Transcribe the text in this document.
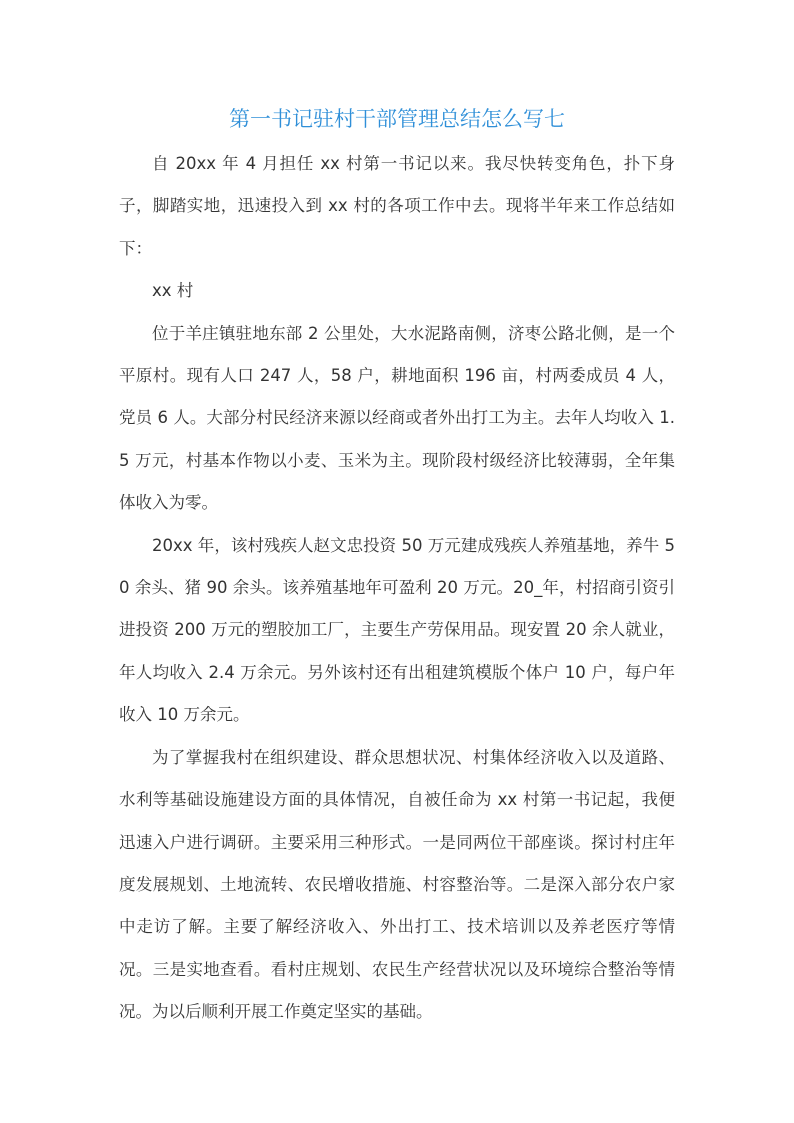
第一书记驻村干部管理总结怎么写七

自 20xx 年 4 月担任 xx 村第一书记以来。我尽快转变角色，扑下身子，脚踏实地，迅速投入到 xx 村的各项工作中去。现将半年来工作总结如下：

xx 村

位于羊庄镇驻地东部 2 公里处，大水泥路南侧，济枣公路北侧，是一个平原村。现有人口 247 人，58 户，耕地面积 196 亩，村两委成员 4 人，党员 6 人。大部分村民经济来源以经商或者外出打工为主。去年人均收入 1.5 万元，村基本作物以小麦、玉米为主。现阶段村级经济比较薄弱，全年集体收入为零。

20xx 年，该村残疾人赵文忠投资 50 万元建成残疾人养殖基地，养牛 50 余头、猪 90 余头。该养殖基地年可盈利 20 万元。20_年，村招商引资引进投资 200 万元的塑胶加工厂，主要生产劳保用品。现安置 20 余人就业，年人均收入 2.4 万余元。另外该村还有出租建筑模版个体户 10 户，每户年收入 10 万余元。

为了掌握我村在组织建设、群众思想状况、村集体经济收入以及道路、水利等基础设施建设方面的具体情况，自被任命为 xx 村第一书记起，我便迅速入户进行调研。主要采用三种形式。一是同两位干部座谈。探讨村庄年度发展规划、土地流转、农民增收措施、村容整治等。二是深入部分农户家中走访了解。主要了解经济收入、外出打工、技术培训以及养老医疗等情况。三是实地查看。看村庄规划、农民生产经营状况以及环境综合整治等情况。为以后顺利开展工作奠定坚实的基础。
